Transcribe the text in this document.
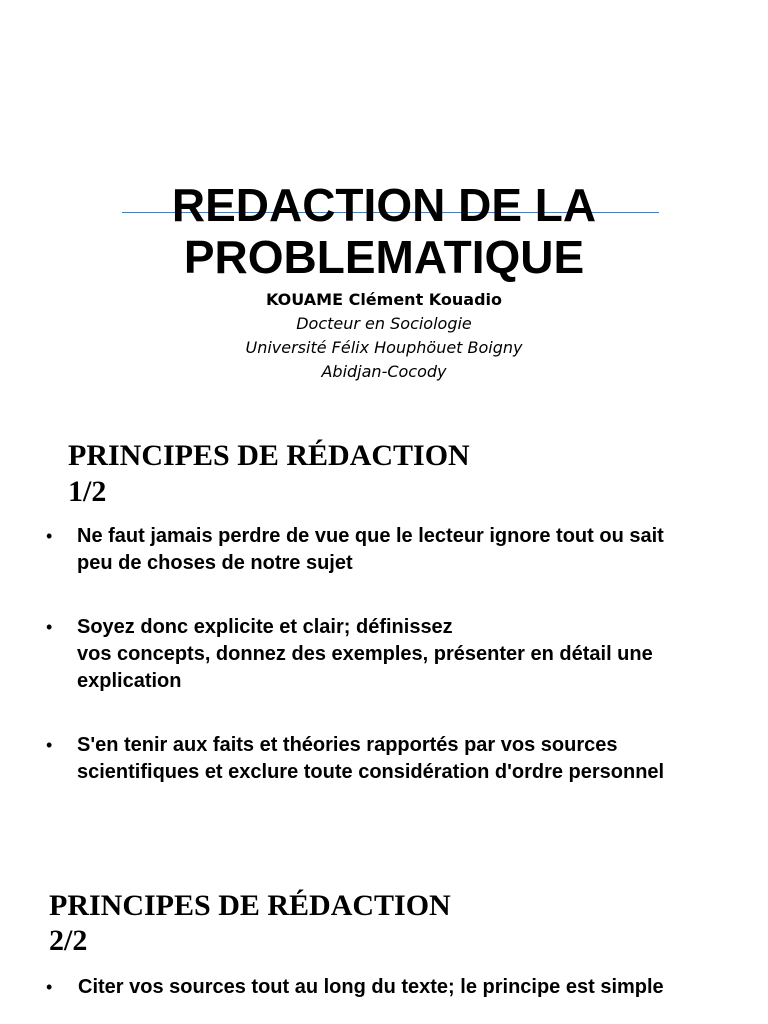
REDACTION DE LA
PROBLEMATIQUE
KOUAME Clément Kouadio
Docteur en Sociologie
Université Félix Houphöuet Boigny
Abidjan-Cocody
PRINCIPES DE RÉDACTION
1/2
• Ne faut jamais perdre de vue que le lecteur ignore tout ou sait
peu de choses de notre sujet
• Soyez donc explicite et clair; définissez
vos concepts, donnez des exemples, présenter en détail une
explication
• S'en tenir aux faits et théories rapportés par vos sources
scientifiques et exclure toute considération d'ordre personnel
PRINCIPES DE RÉDACTION
2/2
• Citer vos sources tout au long du texte; le principe est simple
